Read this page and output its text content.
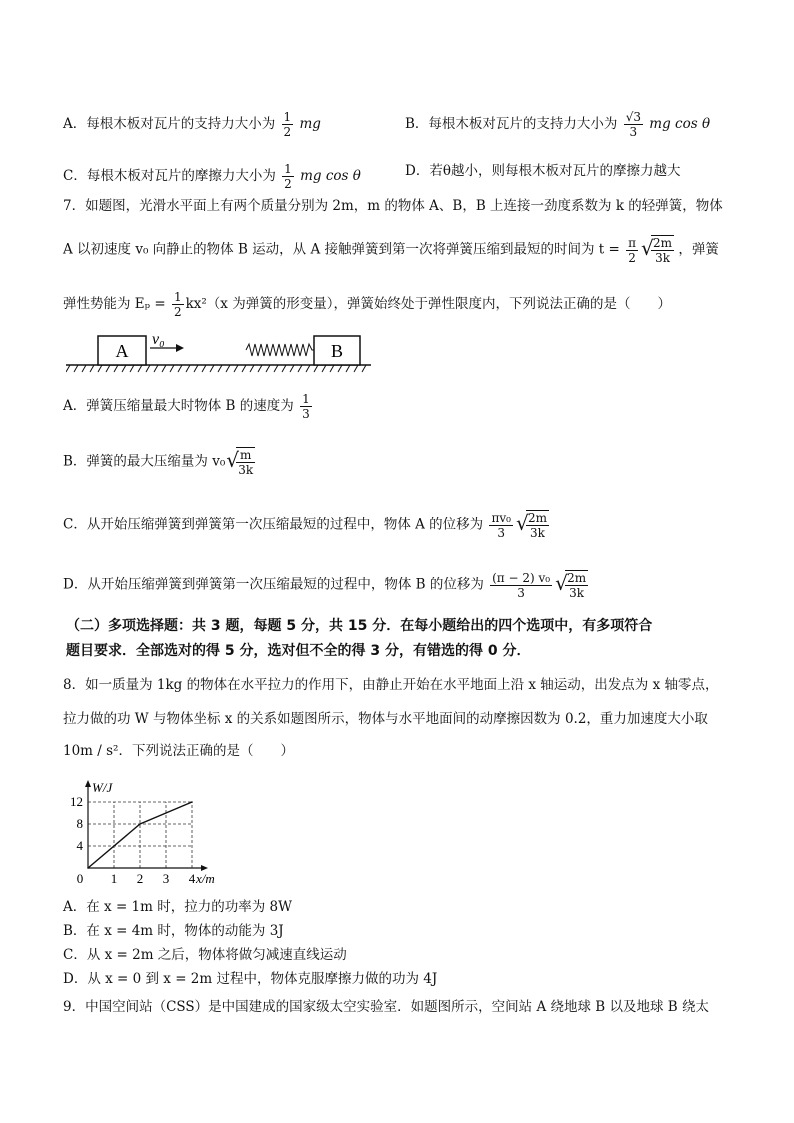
A．每根木板对瓦片的支持力大小为 $\frac{1}{2}$ mg	B．每根木板对瓦片的支持力大小为 $\frac{√3}{3}$ mg cos θ
C．每根木板对瓦片的摩擦力大小为 $\frac{1}{2}$ mg cos θ	D．若θ越小，则每根木板对瓦片的摩擦力越大
7．如题图，光滑水平面上有两个质量分别为 2m，m 的物体 A、B，B 上连接一劲度系数为 k 的轻弹簧，物体
A 以初速度 v₀ 向静止的物体 B 运动，从 A 接触弹簧到第一次将弹簧压缩到最短的时间为 $t = \frac{\pi}{2}$ √
$\frac{2m}{3k}$ ，弹簧
弹性势能为 $E_p = \frac{1}{2} kx^2(x$ 为弹簧的形变量），弹簧始终处于弹性限度内，下列说法正确的是（　　）
A
v₀
B
A．弹簧压缩量最大时物体 B 的速度为 $\frac{1}{3}$
B．弹簧的最大压缩量为 v₀ √
$\frac{m}{3k}$
C．从开始压缩弹簧到弹簧第一次压缩最短的过程中，物体 A 的位移为 $\frac{\text{πv₀}}{3}$ √
$\frac{2m}{3k}$
D．从开始压缩弹簧到弹簧第一次压缩最短的过程中，物体 B 的位移为 $\frac{\text{(π − 2) v₀}}{3}$ √
$\frac{2m}{3k}$
（二）多项选择题：共 3 题，每题 5 分，共 15 分．在每小题给出的四个选项中，有多项符合
题目要求．全部选对的得 5 分，选对但不全的得 3 分，有错选的得 0 分．
8．如一质量为 1kg 的物体在水平拉力的作用下，由静止开始在水平地面上沿 x 轴运动，出发点为 x 轴零点，
拉力做的功 W 与物体坐标 x 的关系如题图所示，物体与水平地面间的动摩擦因数为 0.2，重力加速度大小取
10m / s²．下列说法正确的是（　　）
0 1 2 3 4
4
8
12
x/m
W/J
A．在 x = 1m 时，拉力的功率为 8W
B．在 x = 4m 时，物体的动能为 3J
C．从 x = 2m 之后，物体将做匀减速直线运动
D．从 x = 0 到 x = 2m 过程中，物体克服摩擦力做的功为 4J
9．中国空间站（CSS）是中国建成的国家级太空实验室．如题图所示，空间站 A 绕地球 B 以及地球 B 绕太
